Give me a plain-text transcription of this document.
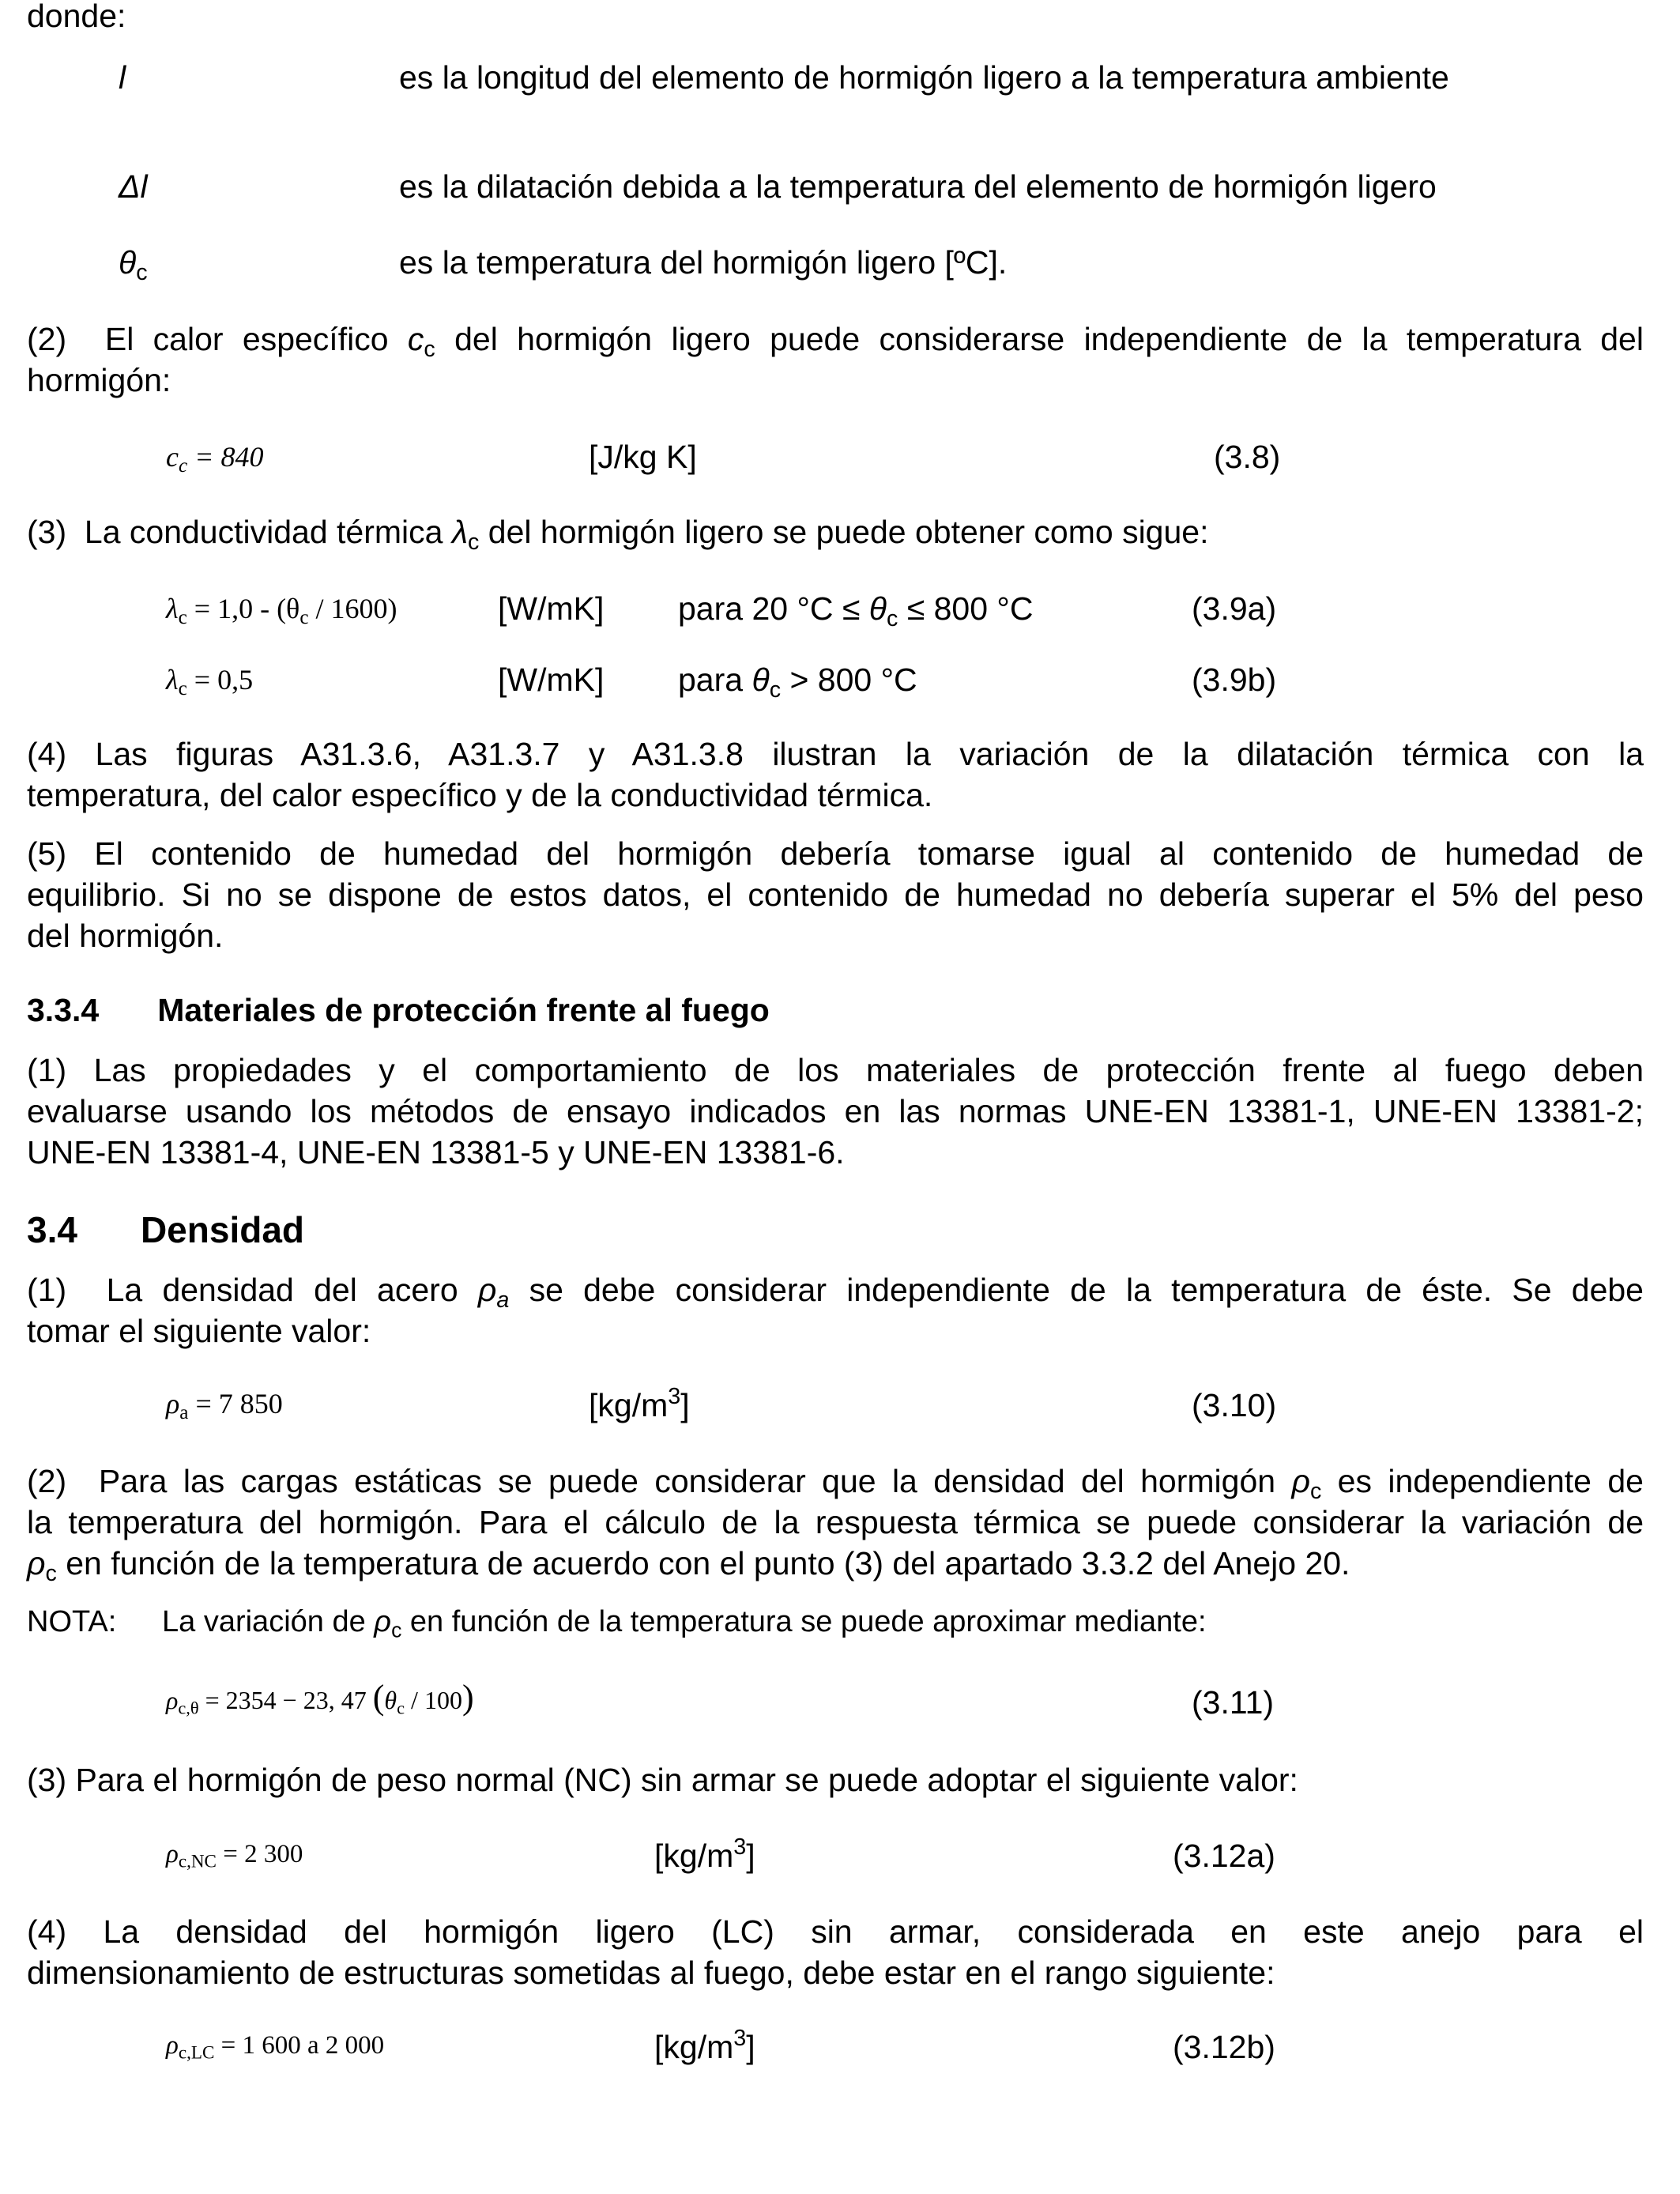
donde:
l	es la longitud del elemento de hormigón ligero a la temperatura ambiente
Δl	es la dilatación debida a la temperatura del elemento de hormigón ligero
$\theta_c$	es la temperatura del hormigón ligero [ºC].
(2) El calor específico $c_c$ del hormigón ligero puede considerarse independiente de la temperatura del
hormigón:
$c_c = 840$	[J/kg K]	(3.8)
(3) La conductividad térmica $\lambda_c$ del hormigón ligero se puede obtener como sigue:
$\lambda_c = 1,0 - (\theta_c / 1600)$	[W/mK] para 20 $^\circ C \le \theta_c \le 800$ °C	(3.9a)
$\lambda_c = 0,5$	[W/mK] para $\theta_c > 800$ °C	(3.9b)
(4) Las figuras A31.3.6, A31.3.7 y A31.3.8 ilustran la variación de la dilatación térmica con la
temperatura, del calor específico y de la conductividad térmica.
(5) El contenido de humedad del hormigón debería tomarse igual al contenido de humedad de
equilibrio. Si no se dispone de estos datos, el contenido de humedad no debería superar el 5% del peso
del hormigón.
3.3.4 Materiales de protección frente al fuego
(1) Las propiedades y el comportamiento de los materiales de protección frente al fuego deben
evaluarse usando los métodos de ensayo indicados en las normas UNE-EN 13381-1, UNE-EN 13381-2;
UNE-EN 13381-4, UNE-EN 13381-5 y UNE-EN 13381-6.
3.4 Densidad
(1) La densidad del acero $\rho_a$ se debe considerar independiente de la temperatura de éste. Se debe
tomar el siguiente valor:
$\rho_a = 7$ 850	$[kg/m^3]$	(3.10)
(2) Para las cargas estáticas se puede considerar que la densidad del hormigón $\rho_c$ es independiente de
la temperatura del hormigón. Para el cálculo de la respuesta térmica se puede considerar la variación de
$\rho_c$ en función de la temperatura de acuerdo con el punto (3) del apartado 3.3.2 del Anejo 20.
NOTA: La variación de $\rho_c$ en función de la temperatura se puede aproximar mediante:
$\rho_{c,\theta} = 2354 - 23$, 47 $(\theta_c / 100)$	(3.11)
(3) Para el hormigón de peso normal (NC) sin armar se puede adoptar el siguiente valor:
$\rho_{c,NC} = 2$ 300	$[kg/m^3]$	(3.12a)
(4) La densidad del hormigón ligero (LC) sin armar, considerada en este anejo para el
dimensionamiento de estructuras sometidas al fuego, debe estar en el rango siguiente:
$\rho_{c,LC} = 1$ 600 a 2 000	$[kg/m^3]$	(3.12b)
